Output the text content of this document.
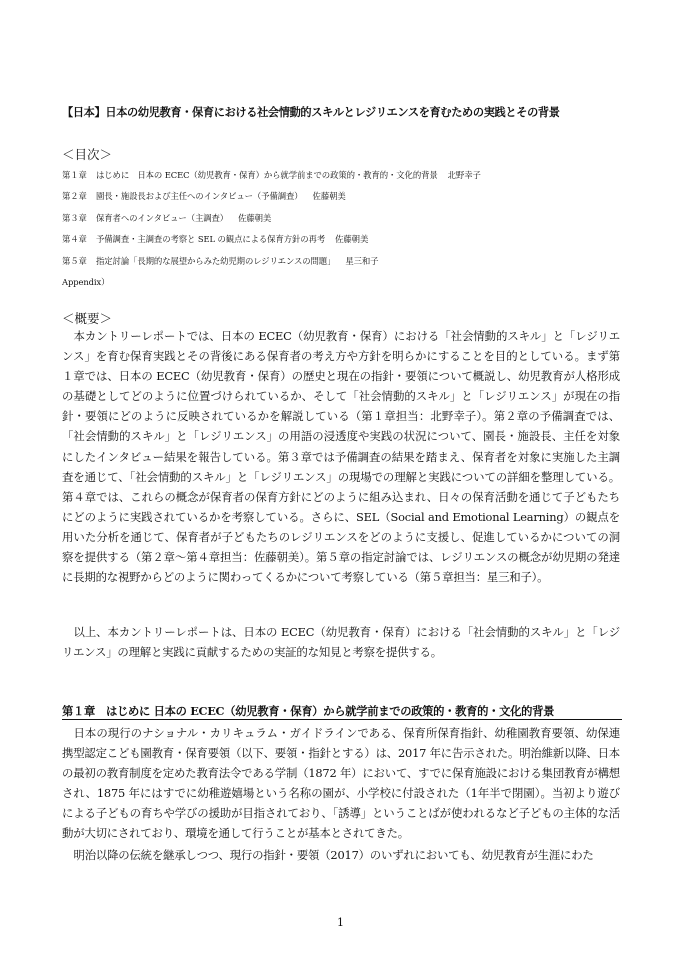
【日本】日本の幼児教育・保育における社会情動的スキルとレジリエンスを育むための実践とその背景
＜目次＞
第１章 はじめに　日本の ECEC（幼児教育・保育）から就学前までの政策的・教育的・文化的背景 北野幸子
第２章 園長・施設長および主任へのインタビュー（予備調査） 佐藤朝美
第３章 保育者へのインタビュー（主調査） 佐藤朝美
第４章 予備調査・主調査の考察と SEL の観点による保育方針の再考 佐藤朝美
第５章 指定討論「長期的な展望からみた幼児期のレジリエンスの問題」 星三和子
Appendix）
＜概要＞

本カントリーレポートでは、日本の ECEC（幼児教育・保育）における「社会情動的スキル」と「レジリエンス」を育む保育実践とその背後にある保育者の考え方や方針を明らかにすることを目的としている。まず第１章では、日本の ECEC（幼児教育・保育）の歴史と現在の指針・要領について概説し、幼児教育が人格形成の基礎としてどのように位置づけられているか、そして「社会情動的スキル」と「レジリエンス」が現在の指針・要領にどのように反映されているかを解説している（第１章担当：北野幸子）。第２章の予備調査では、「社会情動的スキル」と「レジリエンス」の用語の浸透度や実践の状況について、園長・施設長、主任を対象にしたインタビュー結果を報告している。第３章では予備調査の結果を踏まえ、保育者を対象に実施した主調査を通じて、「社会情動的スキル」と「レジリエンス」の現場での理解と実践についての詳細を整理している。第４章では、これらの概念が保育者の保育方針にどのように組み込まれ、日々の保育活動を通じて子どもたちにどのように実践されているかを考察している。さらに、SEL（Social and Emotional Learning）の観点を用いた分析を通じて、保育者が子どもたちのレジリエンスをどのように支援し、促進しているかについての洞察を提供する（第２章～第４章担当：佐藤朝美）。第５章の指定討論では、レジリエンスの概念が幼児期の発達に長期的な視野からどのように関わってくるかについて考察している（第５章担当：星三和子）。

以上、本カントリーレポートは、日本の ECEC（幼児教育・保育）における「社会情動的スキル」と「レジリエンス」の理解と実践に貢献するための実証的な知見と考察を提供する。

第１章　はじめに 日本の ECEC（幼児教育・保育）から就学前までの政策的・教育的・文化的背景

日本の現行のナショナル・カリキュラム・ガイドラインである、保育所保育指針、幼稚園教育要領、幼保連携型認定こども園教育・保育要領（以下、要領・指針とする）は、2017 年に告示された。明治維新以降、日本の最初の教育制度を定めた教育法令である学制（1872 年）において、すでに保育施設における集団教育が構想され、1875 年にはすでに幼稚遊嬉場という名称の園が、小学校に付設された（1年半で閉園）。当初より遊びによる子どもの育ちや学びの援助が目指されており、「誘導」ということばが使われるなど子どもの主体的な活動が大切にされており、環境を通して行うことが基本とされてきた。

明治以降の伝統を継承しつつ、現行の指針・要領（2017）のいずれにおいても、幼児教育が生涯にわた

1
